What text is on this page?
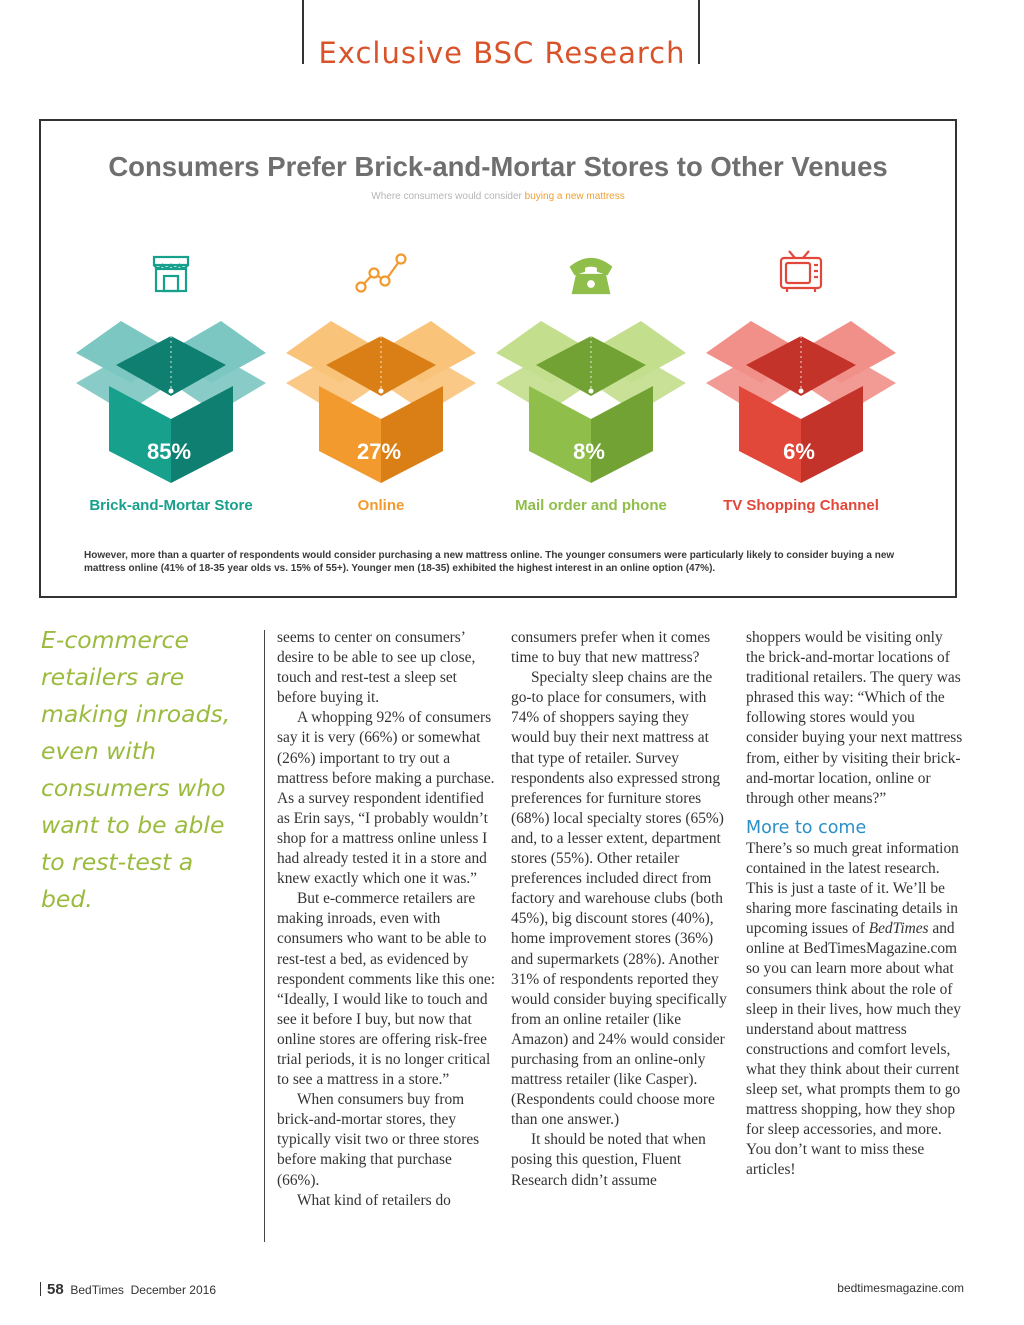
Exclusive BSC Research
Consumers Prefer Brick-and-Mortar Stores to Other Venues
Where consumers would consider buying a new mattress
85%	27%	8%	6%
Brick-and-Mortar Store	Online	Mail order and phone	TV Shopping Channel
However, more than a quarter of respondents would consider purchasing a new mattress online. The younger consumers were particularly likely to consider buying a new mattress online (41% of 18-35 year olds vs. 15% of 55+). Younger men (18-35) exhibited the highest interest in an online option (47%).
E-commerce retailers are making inroads, even with consumers who want to be able to rest-test a bed.

seems to center on consumers’ desire to be able to see up close, touch and rest-test a sleep set before buying it.

A whopping 92% of consumers say it is very (66%) or somewhat (26%) important to try out a mattress before making a purchase. As a survey respondent identified as Erin says, “I probably wouldn’t shop for a mattress online unless I had already tested it in a store and knew exactly which one it was.”

But e-commerce retailers are making inroads, even with consumers who want to be able to rest-test a bed, as evidenced by respondent comments like this one: “Ideally, I would like to touch and see it before I buy, but now that online stores are offering risk-free trial periods, it is no longer critical to see a mattress in a store.”

When consumers buy from brick-and-mortar stores, they typically visit two or three stores before making that purchase (66%).

What kind of retailers do

consumers prefer when it comes time to buy that new mattress?

Specialty sleep chains are the go-to place for consumers, with 74% of shoppers saying they would buy their next mattress at that type of retailer. Survey respondents also expressed strong preferences for furniture stores (68%) local specialty stores (65%) and, to a lesser extent, department stores (55%). Other retailer preferences included direct from factory and warehouse clubs (both 45%), big discount stores (40%), home improvement stores (36%) and supermarkets (28%). Another 31% of respondents reported they would consider buying specifically from an online retailer (like Amazon) and 24% would consider purchasing from an online-only mattress retailer (like Casper). (Respondents could choose more than one answer.)

It should be noted that when posing this question, Fluent Research didn’t assume

shoppers would be visiting only the brick-and-mortar locations of traditional retailers. The query was phrased this way: “Which of the following stores would you consider buying your next mattress from, either by visiting their brick-and-mortar location, online or through other means?”

More to come

There’s so much great information contained in the latest research. This is just a taste of it. We’ll be sharing more fascinating details in upcoming issues of BedTimes and online at BedTimesMagazine.com so you can learn more about what consumers think about the role of sleep in their lives, how much they understand about mattress constructions and comfort levels, what they think about their current sleep set, what prompts them to go mattress shopping, how they shop for sleep accessories, and more. You don’t want to miss these articles!

58 BedTimes December 2016	bedtimesmagazine.com
